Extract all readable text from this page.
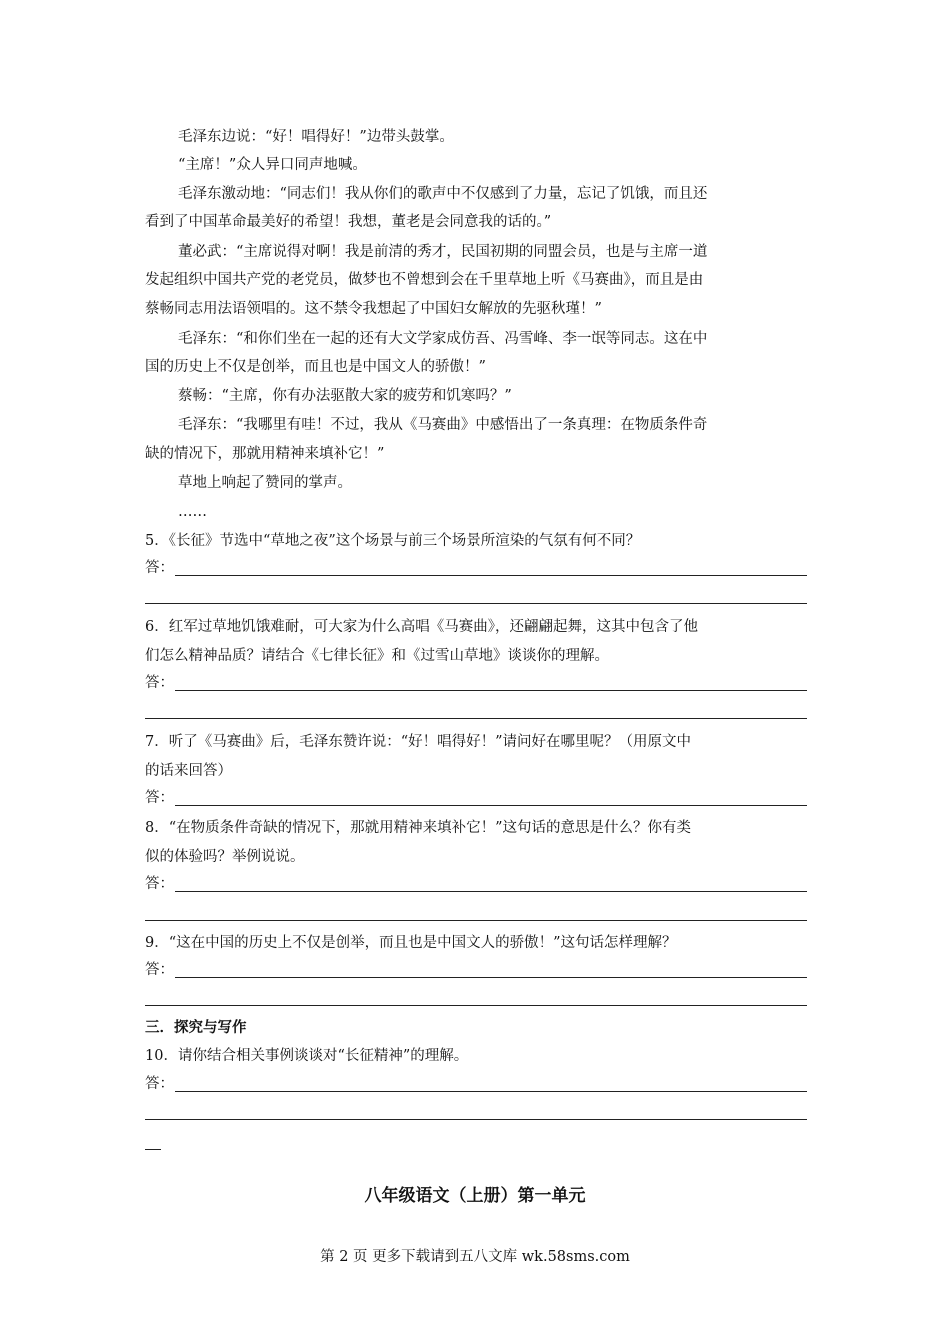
毛泽东边说：“好！唱得好！”边带头鼓掌。
“主席！”众人异口同声地喊。
毛泽东激动地：“同志们！我从你们的歌声中不仅感到了力量，忘记了饥饿，而且还
看到了中国革命最美好的希望！我想，董老是会同意我的话的。”
董必武：“主席说得对啊！我是前清的秀才，民国初期的同盟会员，也是与主席一道
发起组织中国共产党的老党员，做梦也不曾想到会在千里草地上听《马赛曲》，而且是由
蔡畅同志用法语领唱的。这不禁令我想起了中国妇女解放的先驱秋瑾！”
毛泽东：“和你们坐在一起的还有大文学家成仿吾、冯雪峰、李一氓等同志。这在中
国的历史上不仅是创举，而且也是中国文人的骄傲！”
蔡畅：“主席，你有办法驱散大家的疲劳和饥寒吗？”
毛泽东：“我哪里有哇！不过，我从《马赛曲》中感悟出了一条真理：在物质条件奇
缺的情况下，那就用精神来填补它！”
草地上响起了赞同的掌声。
……
5．《长征》节选中“草地之夜”这个场景与前三个场景所渲染的气氛有何不同？
答：
6．红军过草地饥饿难耐，可大家为什么高唱《马赛曲》，还翩翩起舞，这其中包含了他
们怎么精神品质？请结合《七律长征》和《过雪山草地》谈谈你的理解。
答：
7．听了《马赛曲》后，毛泽东赞许说：“好！唱得好！”请问好在哪里呢？（用原文中
的话来回答）
答：
8．“在物质条件奇缺的情况下，那就用精神来填补它！”这句话的意思是什么？你有类
似的体验吗？举例说说。
答：
9．“这在中国的历史上不仅是创举，而且也是中国文人的骄傲！”这句话怎样理解？
答：
三．探究与写作
10．请你结合相关事例谈谈对“长征精神”的理解。
答：
八年级语文（上册）第一单元
第 2 页 更多下载请到五八文库 wk.58sms.com
